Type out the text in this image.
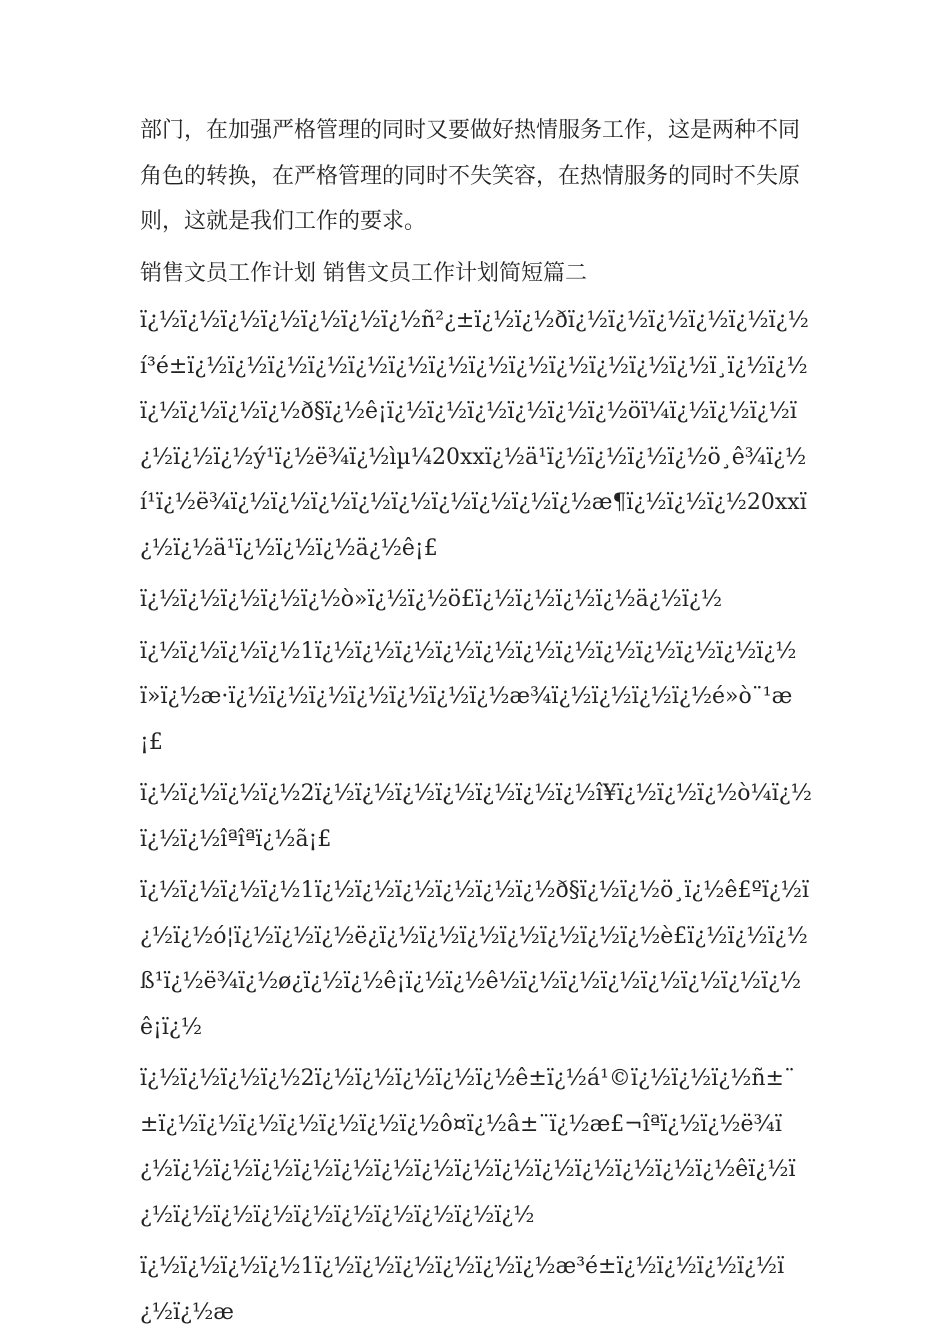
部门，在加强严格管理的同时又要做好热情服务工作，这是两种不同角色的转换，在严格管理的同时不失笑容，在热情服务的同时不失原则，这就是我们工作的要求。

销售文员工作计划 销售文员工作计划简短篇二

ï¿½ï¿½ï¿½ï¿½ï¿½ï¿½ï¿½ñ²¿±ï¿½ï¿½ðï¿½ï¿½ï¿½ï¿½ï¿½ï¿½í³é±ï¿½ï¿½ï¿½ï¿½ï¿½ï¿½ï¿½ï¿½ï¿½ï¿½ï¿½ï¿½ï¿½ï¸ï¿½ï¿½ï¿½ï¿½ï¿½ï¿½ð§ï¿½ê¡ï¿½ï¿½ï¿½ï¿½ï¿½ï¿½öï¼ï¿½ï¿½ï¿½ï¿½ï¿½ï¿½ý¹ï¿½ë¾ï¿½ìµ¼20xxï¿½ä¹ï¿½ï¿½ï¿½ï¿½ö¸ê¾ï¿½í¹ï¿½ë¾ï¿½ï¿½ï¿½ï¿½ï¿½ï¿½ï¿½ï¿½ï¿½æ¶ï¿½ï¿½ï¿½20xxï¿½ï¿½ä¹ï¿½ï¿½ï¿½ä¿½ê¡£

ï¿½ï¿½ï¿½ï¿½ï¿½ò»ï¿½ï¿½ö£ï¿½ï¿½ï¿½ï¿½ä¿½ï¿½

ï¿½ï¿½ï¿½ï¿½1ï¿½ï¿½ï¿½ï¿½ï¿½ï¿½ï¿½ï¿½ï¿½ï¿½ï¿½ï¿½ï»ï¿½æ·ï¿½ï¿½ï¿½ï¿½ï¿½ï¿½ï¿½æ¾ï¿½ï¿½ï¿½ï¿½é»ò¨¹æ¡£

ï¿½ï¿½ï¿½ï¿½2ï¿½ï¿½ï¿½ï¿½ï¿½ï¿½ï¿½î¥ï¿½ï¿½ï¿½ò¼ï¿½ï¿½ï¿½îªîªï¿½ã¡£

ï¿½ï¿½ï¿½ï¿½1ï¿½ï¿½ï¿½ï¿½ï¿½ï¿½ð§ï¿½ï¿½ö¸ï¿½ê£ºï¿½ï¿½ï¿½ó¦ï¿½ï¿½ï¿½ë¿ï¿½ï¿½ï¿½ï¿½ï¿½ï¿½ï¿½è£ï¿½ï¿½ï¿½ß¹ï¿½ë¾ï¿½ø¿ï¿½ï¿½ê¡ï¿½ï¿½ê½ï¿½ï¿½ï¿½ï¿½ï¿½ï¿½ï¿½ê¡ï¿½

ï¿½ï¿½ï¿½ï¿½2ï¿½ï¿½ï¿½ï¿½ï¿½ê±ï¿½á¹©ï¿½ï¿½ï¿½ñ±¨±ï¿½ï¿½ï¿½ï¿½ï¿½ï¿½ï¿½ô¤ï¿½â±¨ï¿½æ£¬îªï¿½ï¿½ë¾ï¿½ï¿½ï¿½ï¿½ï¿½ï¿½ï¿½ï¿½ï¿½ï¿½ï¿½ï¿½ï¿½ï¿½ï¿½êï¿½ï¿½ï¿½ï¿½ï¿½ï¿½ï¿½ï¿½ï¿½ï¿½ï¿½

ï¿½ï¿½ï¿½ï¿½1ï¿½ï¿½ï¿½ï¿½ï¿½ï¿½æ³é±ï¿½ï¿½ï¿½ï¿½ï¿½ï¿½æ
